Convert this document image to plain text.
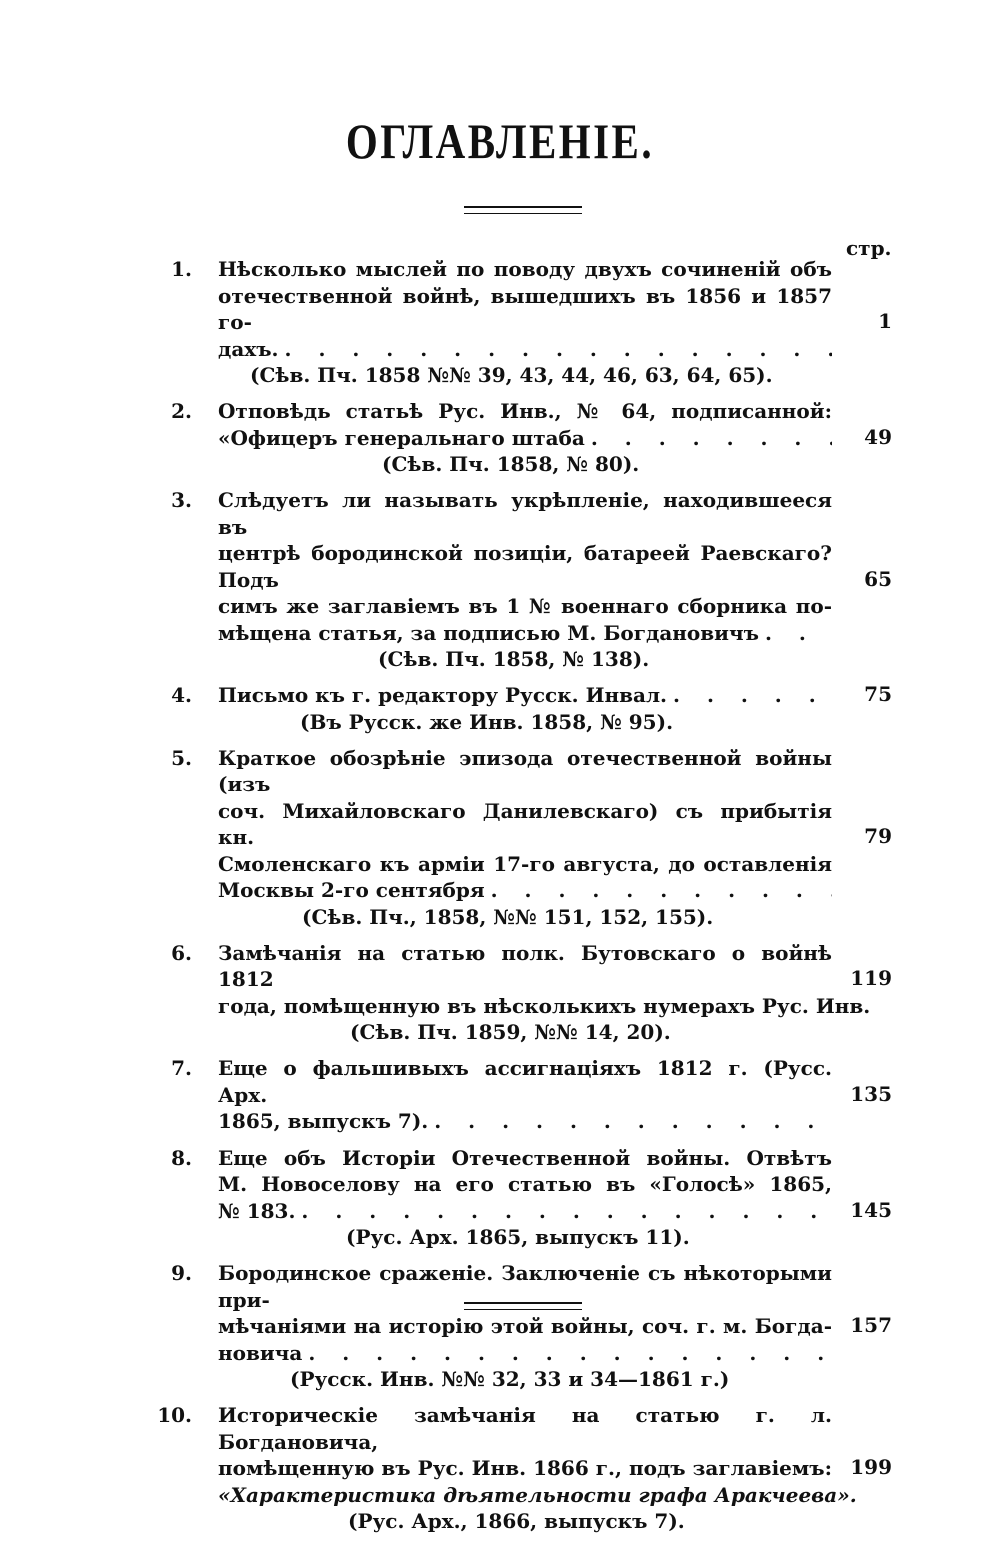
ОГЛАВЛЕНІЕ.
стр.
1.
1
Нѣсколько мыслей по поводу двухъ сочиненій объ
отечественной войнѣ, вышедшихъ въ 1856 и 1857 го-
дахъ.
. . .
(Сѣв. Пч. 1858 №№ 39, 43, 44, 46, 63, 64, 65).
2.
49
Отповѣдь статьѣ Рус. Инв., № 64, подписанной:
«Офицеръ генеральнаго штаба
. . .
(Сѣв. Пч. 1858, № 80).
3.
65
Слѣдуетъ ли называть укрѣпленіе, находившееся въ
центрѣ бородинской позиціи, батареей Раевскаго? Подъ
симъ же заглавіемъ въ 1 № военнаго сборника по-
мѣщена статья, за подписью М. Богдановичъ
. . .
(Сѣв. Пч. 1858, № 138).
4.	75
Письмо къ г. редактору Русск. Инвал.
. . .
(Въ Русск. же Инв. 1858, № 95).
5.
79
Краткое обозрѣніе эпизода отечественной войны (изъ
соч. Михайловскаго Данилевскаго) съ прибытія кн.
Смоленскаго къ арміи 17-го августа, до оставленія
Москвы 2-го сентября
. . .
(Сѣв. Пч., 1858, №№ 151, 152, 155).
6.
119
Замѣчанія на статью полк. Бутовскаго о войнѣ 1812
года, помѣщенную въ нѣсколькихъ нумерахъ Рус. Инв.
(Сѣв. Пч. 1859, №№ 14, 20).
7.
135
Еще о фальшивыхъ ассигнаціяхъ 1812 г. (Русс. Арх.
1865, выпускъ 7).
. . .
8.
145
Еще объ Исторіи Отечественной войны. Отвѣтъ
М. Новоселову на его статью въ «Голосѣ» 1865,
№ 183.
. . .
(Рус. Арх. 1865, выпускъ 11).
9.
157
Бородинское сраженіе. Заключеніе съ нѣкоторыми при-
мѣчаніями на исторію этой войны, соч. г. м. Богда-
новича
. . .
(Русск. Инв. №№ 32, 33 и 34—1861 г.)
10.
199
Историческіе замѣчанія на статью г. л. Богдановича,
помѣщенную въ Рус. Инв. 1866 г., подъ заглавіемъ:
«Характеристика дѣятельности графа Аракчеева».
(Рус. Арх., 1866, выпускъ 7).
